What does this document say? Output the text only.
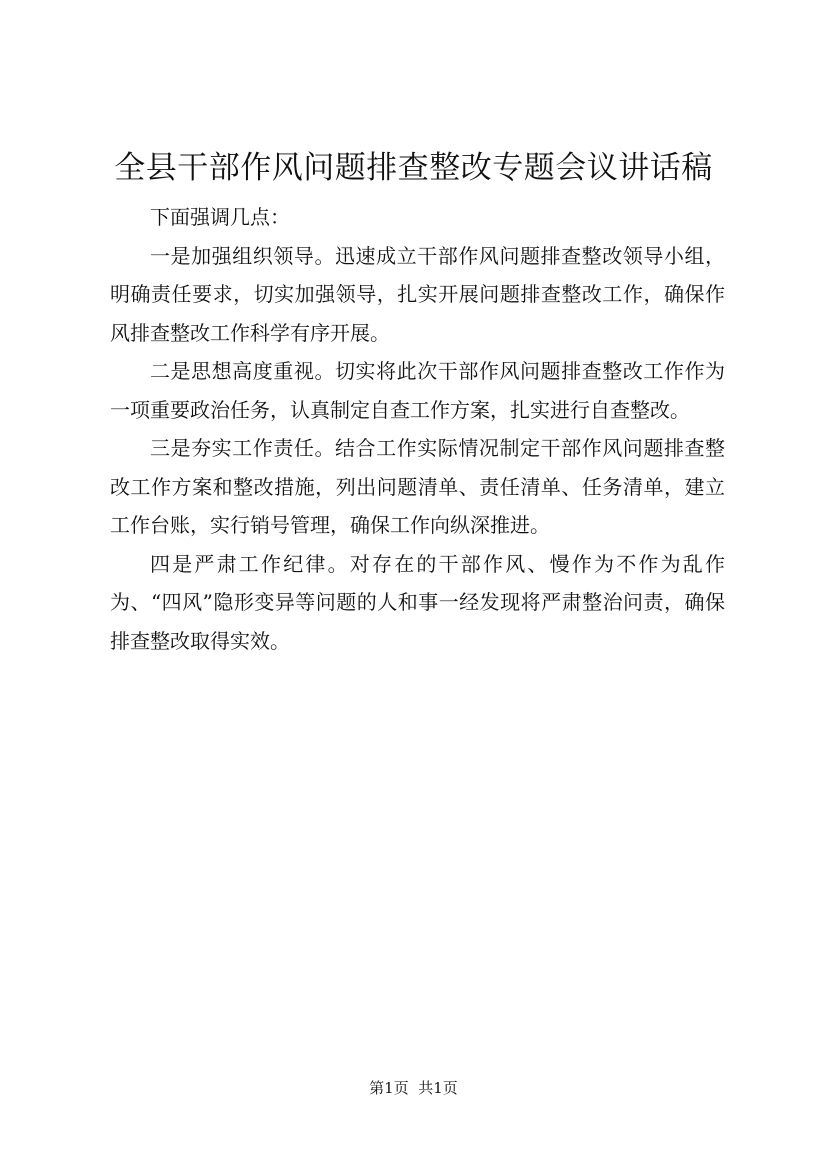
全县干部作风问题排查整改专题会议讲话稿

下面强调几点：

一是加强组织领导。迅速成立干部作风问题排查整改领导小组，明确责任要求，切实加强领导，扎实开展问题排查整改工作，确保作风排查整改工作科学有序开展。

二是思想高度重视。切实将此次干部作风问题排查整改工作作为一项重要政治任务，认真制定自查工作方案，扎实进行自查整改。

三是夯实工作责任。结合工作实际情况制定干部作风问题排查整改工作方案和整改措施，列出问题清单、责任清单、任务清单，建立工作台账，实行销号管理，确保工作向纵深推进。

四是严肃工作纪律。对存在的干部作风、慢作为不作为乱作为、“四风”隐形变异等问题的人和事一经发现将严肃整治问责，确保排查整改取得实效。

第1页 共1页
